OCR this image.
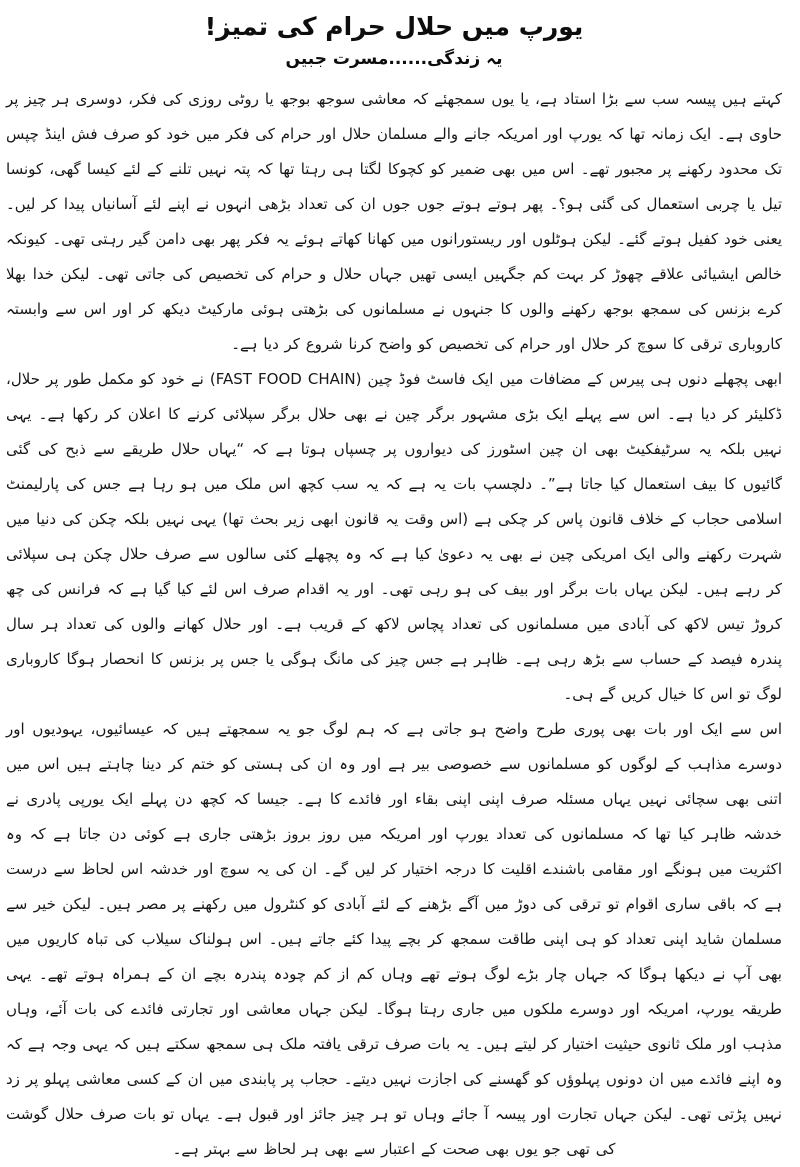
یورپ میں حلال حرام کی تمیز!
یہ زندگی......مسرت جبیں

کہتے ہیں پیسہ سب سے بڑا استاد ہے، یا یوں سمجھئے کہ معاشی سوجھ بوجھ یا روٹی روزی کی فکر، دوسری ہر چیز پر حاوی ہے۔ ایک زمانہ تھا کہ یورپ اور امریکہ جانے والے مسلمان حلال اور حرام کی فکر میں خود کو صرف فش اینڈ چپس تک محدود رکھنے پر مجبور تھے۔ اس میں بھی ضمیر کو کچوکا لگتا ہی رہتا تھا کہ پتہ نہیں تلنے کے لئے کیسا گھی، کونسا تیل یا چربی استعمال کی گئی ہو؟۔ پھر ہوتے ہوتے جوں جوں ان کی تعداد بڑھی انہوں نے اپنے لئے آسانیاں پیدا کر لیں۔ یعنی خود کفیل ہوتے گئے۔ لیکن ہوٹلوں اور ریستورانوں میں کھانا کھاتے ہوئے یہ فکر پھر بھی دامن گیر رہتی تھی۔ کیونکہ خالص ایشیائی علاقے چھوڑ کر بہت کم جگہیں ایسی تھیں جہاں حلال و حرام کی تخصیص کی جاتی تھی۔ لیکن خدا بھلا کرے بزنس کی سمجھ بوجھ رکھنے والوں کا جنہوں نے مسلمانوں کی بڑھتی ہوئی مارکیٹ دیکھ کر اور اس سے وابستہ کاروباری ترقی کا سوچ کر حلال اور حرام کی تخصیص کو واضح کرنا شروع کر دیا ہے۔

ابھی پچھلے دنوں ہی پیرس کے مضافات میں ایک فاسٹ فوڈ چین (FAST FOOD CHAIN) نے خود کو مکمل طور پر حلال، ڈکلیئر کر دیا ہے۔ اس سے پہلے ایک بڑی مشہور برگر چین نے بھی حلال برگر سپلائی کرنے کا اعلان کر رکھا ہے۔ یہی نہیں بلکہ یہ سرٹیفکیٹ بھی ان چین اسٹورز کی دیواروں پر چسپاں ہوتا ہے کہ “یہاں حلال طریقے سے ذبح کی گئی گائیوں کا بیف استعمال کیا جاتا ہے”۔ دلچسپ بات یہ ہے کہ یہ سب کچھ اس ملک میں ہو رہا ہے جس کی پارلیمنٹ اسلامی حجاب کے خلاف قانون پاس کر چکی ہے (اس وقت یہ قانون ابھی زیر بحث تھا) یہی نہیں بلکہ چکن کی دنیا میں شہرت رکھنے والی ایک امریکی چین نے بھی یہ دعویٰ کیا ہے کہ وہ پچھلے کئی سالوں سے صرف حلال چکن ہی سپلائی کر رہے ہیں۔ لیکن یہاں بات برگر اور بیف کی ہو رہی تھی۔ اور یہ اقدام صرف اس لئے کیا گیا ہے کہ فرانس کی چھ کروڑ تیس لاکھ کی آبادی میں مسلمانوں کی تعداد پچاس لاکھ کے قریب ہے۔ اور حلال کھانے والوں کی تعداد ہر سال پندرہ فیصد کے حساب سے بڑھ رہی ہے۔ ظاہر ہے جس چیز کی مانگ ہوگی یا جس پر بزنس کا انحصار ہوگا کاروباری لوگ تو اس کا خیال کریں گے ہی۔

اس سے ایک اور بات بھی پوری طرح واضح ہو جاتی ہے کہ ہم لوگ جو یہ سمجھتے ہیں کہ عیسائیوں، یہودیوں اور دوسرے مذاہب کے لوگوں کو مسلمانوں سے خصوصی بیر ہے اور وہ ان کی ہستی کو ختم کر دینا چاہتے ہیں اس میں اتنی بھی سچائی نہیں یہاں مسئلہ صرف اپنی اپنی بقاء اور فائدے کا ہے۔ جیسا کہ کچھ دن پہلے ایک یورپی پادری نے خدشہ ظاہر کیا تھا کہ مسلمانوں کی تعداد یورپ اور امریکہ میں روز بروز بڑھتی جاری ہے کوئی دن جاتا ہے کہ وہ اکثریت میں ہونگے اور مقامی باشندے اقلیت کا درجہ اختیار کر لیں گے۔ ان کی یہ سوچ اور خدشہ اس لحاظ سے درست ہے کہ باقی ساری اقوام تو ترقی کی دوڑ میں آگے بڑھنے کے لئے آبادی کو کنٹرول میں رکھنے پر مصر ہیں۔ لیکن خیر سے مسلمان شاید اپنی تعداد کو ہی اپنی طاقت سمجھ کر بچے پیدا کئے جاتے ہیں۔ اس ہولناک سیلاب کی تباہ کاریوں میں بھی آپ نے دیکھا ہوگا کہ جہاں چار بڑے لوگ ہوتے تھے وہاں کم از کم چودہ پندرہ بچے ان کے ہمراہ ہوتے تھے۔ یہی طریقہ یورپ، امریکہ اور دوسرے ملکوں میں جاری رہتا ہوگا۔ لیکن جہاں معاشی اور تجارتی فائدے کی بات آئے، وہاں مذہب اور ملک ثانوی حیثیت اختیار کر لیتے ہیں۔ یہ بات صرف ترقی یافتہ ملک ہی سمجھ سکتے ہیں کہ یہی وجہ ہے کہ وہ اپنے فائدے میں ان دونوں پہلوؤں کو گھسنے کی اجازت نہیں دیتے۔ حجاب پر پابندی میں ان کے کسی معاشی پہلو پر زد نہیں پڑتی تھی۔ لیکن جہاں تجارت اور پیسہ آ جائے وہاں تو ہر چیز جائز اور قبول ہے۔ یہاں تو بات صرف حلال گوشت کی تھی جو یوں بھی صحت کے اعتبار سے بھی ہر لحاظ سے بہتر ہے۔
